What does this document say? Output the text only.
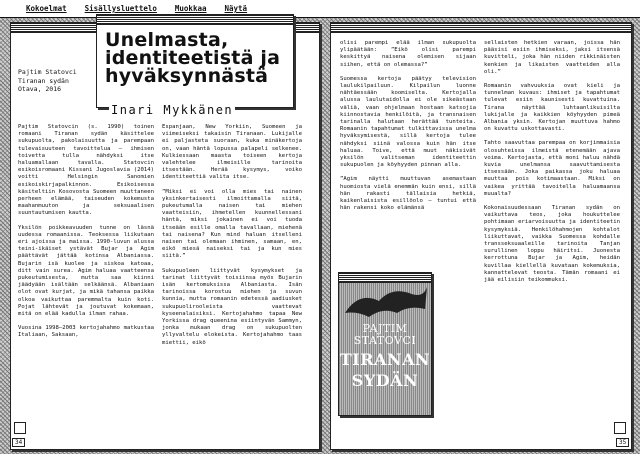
Kokoelmat Sisällysluettelo Muokkaa Näytä
Unelmasta, identiteetistä ja hyväksynnästä
Inari Mykkänen
Pajtim Statovci
Tiranan sydän
Otava, 2016

Pajtim Statovcin (s. 1990) toinen romaani Tiranan sydän käsittelee sukupuolta, pakolaisuutta ja parempaan tulevaisuuteen tavoittelua – ihmisen toivetta tulla nähdyksi itse haluamallaan tavalla. Statovcin esikoisromaani Kissani Jugoslavia (2014) voitti Helsingin Sanomien esikoiskirjapalkinnon. Esikoisessa käsiteltiin Kosovosta Suomeen muuttaneen perheen elämää, taiseuden kokemusta maahanmuuton ja seksuaalisen suuntautumisen kautta.

Yksilön poikkeavuuden tunne on läsnä uudessa romaanissa. Teoksessa liikutaan eri ajoissa ja maissa. 1990-luvun alussa teini-ikäiset ystävät Bujar ja Agim päättävät jättää kotinsa Albaniassa. Bujarin isä kuolee ja siskoa katoaa, ditt vain surea. Agim haluaa vaatteensa pukeutumisesta, mutta saa kiinni jäädyään isältään selkäänsä. Albaniaan olot ovat kurjat, ja mikä tahansa paikka olkoa vaikuttaa paremmalta kuin koti. Pojat lähtevät ja joutuvat kokemaan, mitä on elää kadulla ilman rahaa.

Vuosina 1998–2003 kertojahahmo matkustaa Italiaan, Saksaan,

Espanjaan, New Yorkiin, Suomeen ja viimeiseksi takaisin Tiranaan. Lukijalle ei paljasteta suoraan, kuka minäkertoja on, vaan häntä lopussa palapeli selkenee. Kulkiessaan maasta toiseen kertoja valehtelee ilmeisille tarinoita itsestään. Herää kysymys, voiko identiteettiä valita itse.

”Miksi ei voi olla mies tai nainen yksinkertaisesti ilmoittamalla siitä, pukeutumalla naisen tai miehen vaatteisiin, ihmetellen kuunnellessani häntä, miksi jokainen ei voi tuoda itseään esille omalla tavallaan, miehenä tai naisena? Kun mind haluan itselleni naisen tai olemaan ihminen, samaan, en, eikö miesä naiseksi tai ja kun mies siitä.”

Sukupuoleen liittyvät kysymykset ja tarinat liittyvät toisiinsa myös Bujarin isän kertomuksissa Albaniasta. Isän tarinoissa korostuu miehen ja suvun kunnia, mutta romaanin edetessä aadiusket sukupuolirooleista vaattevat kyseenalaisiksi. Kertojahahmo tapaa New Yorkissa drag queenina esiintyvän Sammyn, jonka mukaan drag on sukupuolten yllyvaltelu elokeista. Kertojahahmo taas miettii, eikö

olisi parempi elää ilman sukupuolta ylipäätään: ”Eikö olisi parempi keskittyä naisena olemisen sijaan siihen, että on olemassa?”

Suomessa kertoja päätyy television laulukilpailuun. Kilpailun luonne nähtäessään koomiselta. Kertojalla alussa laulutaidolla ei ole sikeästaan väliä, vaan ohjelmaan hostaan katsojia kiinnostavia henkilöitä, ja transnaisen tarinalla halutaan herättää tunteita. Romaanin tapahtumat tulkittavissa unelma hyväksymisestä, sillä kertoja tulee nähdyksi siinä valossa kuin hän itse haluaa. Toive, että muut näkisivät yksilön valitseman identiteettin sukupuolen ja köyhyyden pinnan alla.

”Agim näytti muuttuvan asemastaan huomiosta vielä enemmän kuin ensi, sillä hän rakasti tällaisia hetkiä, kaikenlaisista esillöolo – tuntui että hän rakensi koko elämänsä

sellaisten hetkien varaan, joissa hän pääsisi esiin ihmiseksi, jaksi itsensä kuvitteli, joka hän niiden rikkinäisten kenkien ja likaisten vaatteiden alla oli.”

Romaanin vahvuuksia ovat kieli ja tunnelman kuvaus: ihmiset ja tapahtumat tulevat esiin kaunisesti kuvattuina. Tirana näyttää luhtaanlikuisilta lukijalle ja kaikkien köyhyyden pimeä Albania yksin. Kertojan muuttuva hahmo on kuvattu uskottavasti.

Tahto saavuttaa parempaa on korjimmaisia olosuhteissa ilmeistä etenemään ajava voima. Kertojasta, että moni haluu nähdä kuvia unelmansa saavuttamisesta itsessään. Joka paikassa joku haluaa muuttaa pois kotimaastaan. Miksi on vaikea yrittää tavoitella haluamaansa muualta?

Kokonaisuudessaan Tiranan sydän on vaikuttava teos, joka houkuttelee pohtimaan eriarvoisuutta ja identiteetin kysymyksiä. Henkilöhahmojen kohtalot liikuttavat, vaikka Suomessa kohdalle transseksuaaleille tarinoita Tanjan surullinen loppu häiritsi. Juonesta kerrottuna Bujar ja Agim, heidän kuvillaa kiellellä kuvataan kokemuksia, kannattelevat teosta. Tämän romaani ei jää eilisiin teikommuksi.

PAJTIM STATOVCI
TIRANAN
SYDÄN
34	35
